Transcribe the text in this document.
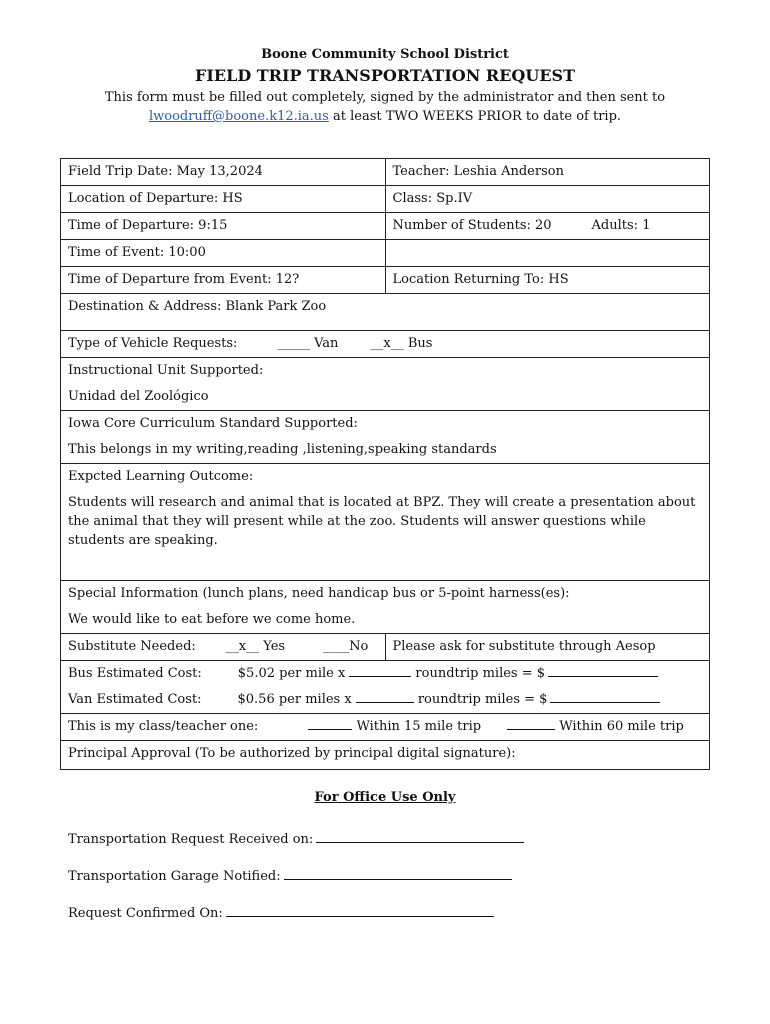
Boone Community School District
FIELD TRIP TRANSPORTATION REQUEST
This form must be filled out completely, signed by the administrator and then sent to
lwoodruff@boone.k12.ia.us at least TWO WEEKS PRIOR to date of trip.
Field Trip Date: May 13,2024	Teacher: Leshia Anderson
Location of Departure: HS	Class: Sp.IV
Time of Departure: 9:15	Number of Students: 20 Adults: 1
Time of Event: 10:00	
Time of Departure from Event: 12?	Location Returning To: HS
Destination & Address: Blank Park Zoo	
Type of Vehicle Requests: _____ Van __x__ Bus	

Instructional Unit Supported:
Unidad del Zoológico	

Iowa Core Curriculum Standard Supported:
This belongs in my writing,reading ,listening,speaking standards	

Expcted Learning Outcome:
Students will research and animal that is located at BPZ. They will create a presentation about the animal that they will present while at the zoo. Students will answer questions while students are speaking.	

Special Information (lunch plans, need handicap bus or 5-point harness(es):
We would like to eat before we come home.	

Substitute Needed: __x__ Yes ____No	Please ask for substitute through Aesop

Bus Estimated Cost: $5.02 per mile x roundtrip miles = $
Van Estimated Cost: $0.56 per miles x roundtrip miles = $	

This is my class/teacher one: Within 15 mile trip Within 60 mile trip	
Principal Approval (To be authorized by principal digital signature):	
For Office Use Only
Transportation Request Received on:
Transportation Garage Notified:
Request Confirmed On:
